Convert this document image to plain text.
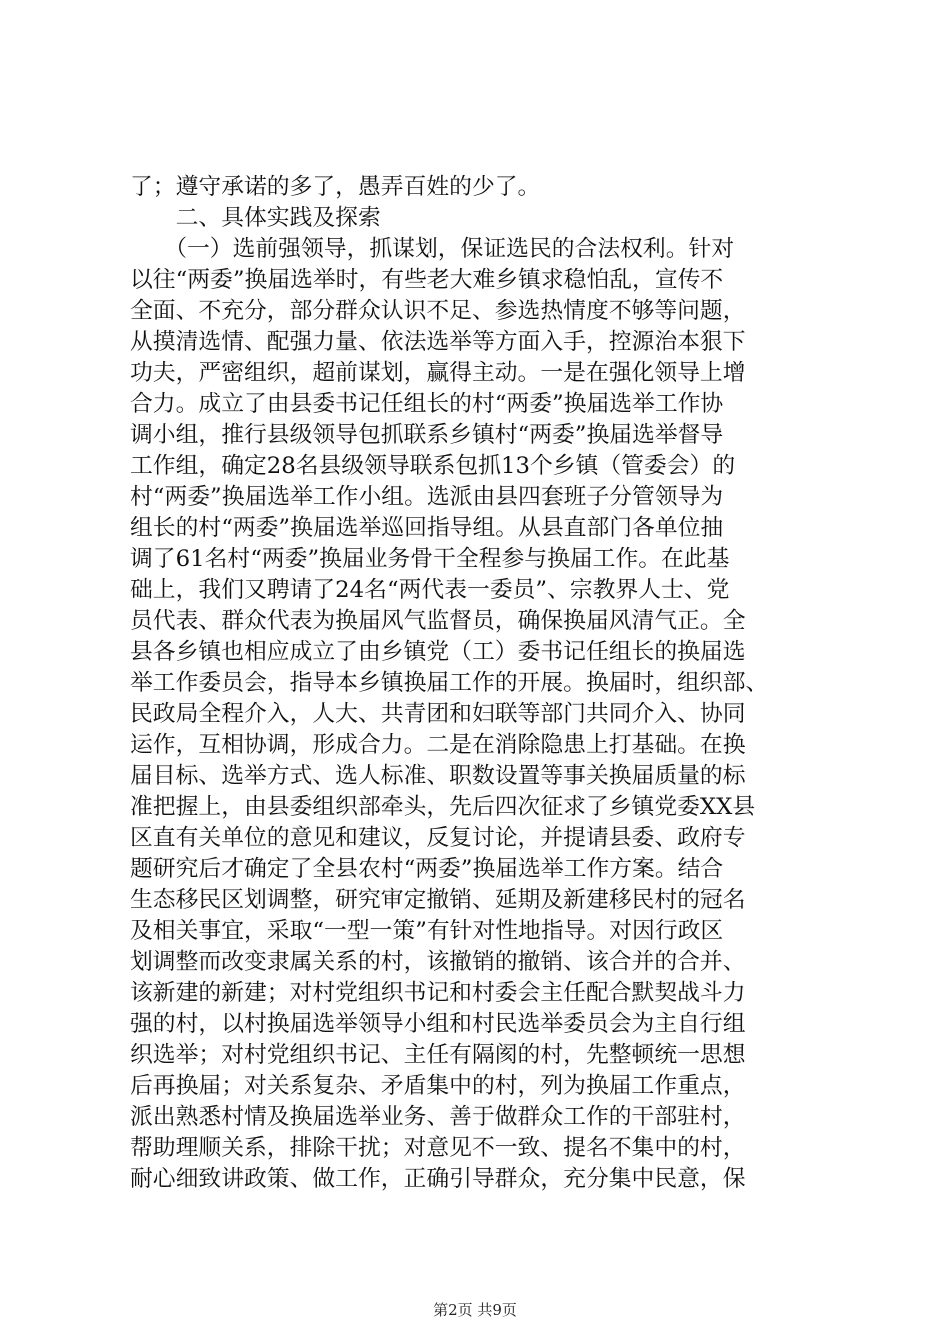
了；遵守承诺的多了，愚弄百姓的少了。
　　二、具体实践及探索
　　（一）选前强领导，抓谋划，保证选民的合法权利。针对
以往“两委”换届选举时，有些老大难乡镇求稳怕乱，宣传不
全面、不充分，部分群众认识不足、参选热情度不够等问题，
从摸清选情、配强力量、依法选举等方面入手，控源治本狠下
功夫，严密组织，超前谋划，赢得主动。一是在强化领导上增
合力。成立了由县委书记任组长的村“两委”换届选举工作协
调小组，推行县级领导包抓联系乡镇村“两委”换届选举督导
工作组，确定28名县级领导联系包抓13个乡镇（管委会）的
村“两委”换届选举工作小组。选派由县四套班子分管领导为
组长的村“两委”换届选举巡回指导组。从县直部门各单位抽
调了61名村“两委”换届业务骨干全程参与换届工作。在此基
础上，我们又聘请了24名“两代表一委员”、宗教界人士、党
员代表、群众代表为换届风气监督员，确保换届风清气正。全
县各乡镇也相应成立了由乡镇党（工）委书记任组长的换届选
举工作委员会，指导本乡镇换届工作的开展。换届时，组织部、
民政局全程介入，人大、共青团和妇联等部门共同介入、协同
运作，互相协调，形成合力。二是在消除隐患上打基础。在换
届目标、选举方式、选人标准、职数设置等事关换届质量的标
准把握上，由县委组织部牵头，先后四次征求了乡镇党委XX县
区直有关单位的意见和建议，反复讨论，并提请县委、政府专
题研究后才确定了全县农村“两委”换届选举工作方案。结合
生态移民区划调整，研究审定撤销、延期及新建移民村的冠名
及相关事宜，采取“一型一策”有针对性地指导。对因行政区
划调整而改变隶属关系的村，该撤销的撤销、该合并的合并、
该新建的新建；对村党组织书记和村委会主任配合默契战斗力
强的村，以村换届选举领导小组和村民选举委员会为主自行组
织选举；对村党组织书记、主任有隔阂的村，先整顿统一思想
后再换届；对关系复杂、矛盾集中的村，列为换届工作重点，
派出熟悉村情及换届选举业务、善于做群众工作的干部驻村，
帮助理顺关系，排除干扰；对意见不一致、提名不集中的村，
耐心细致讲政策、做工作，正确引导群众，充分集中民意，保
第2页 共9页
